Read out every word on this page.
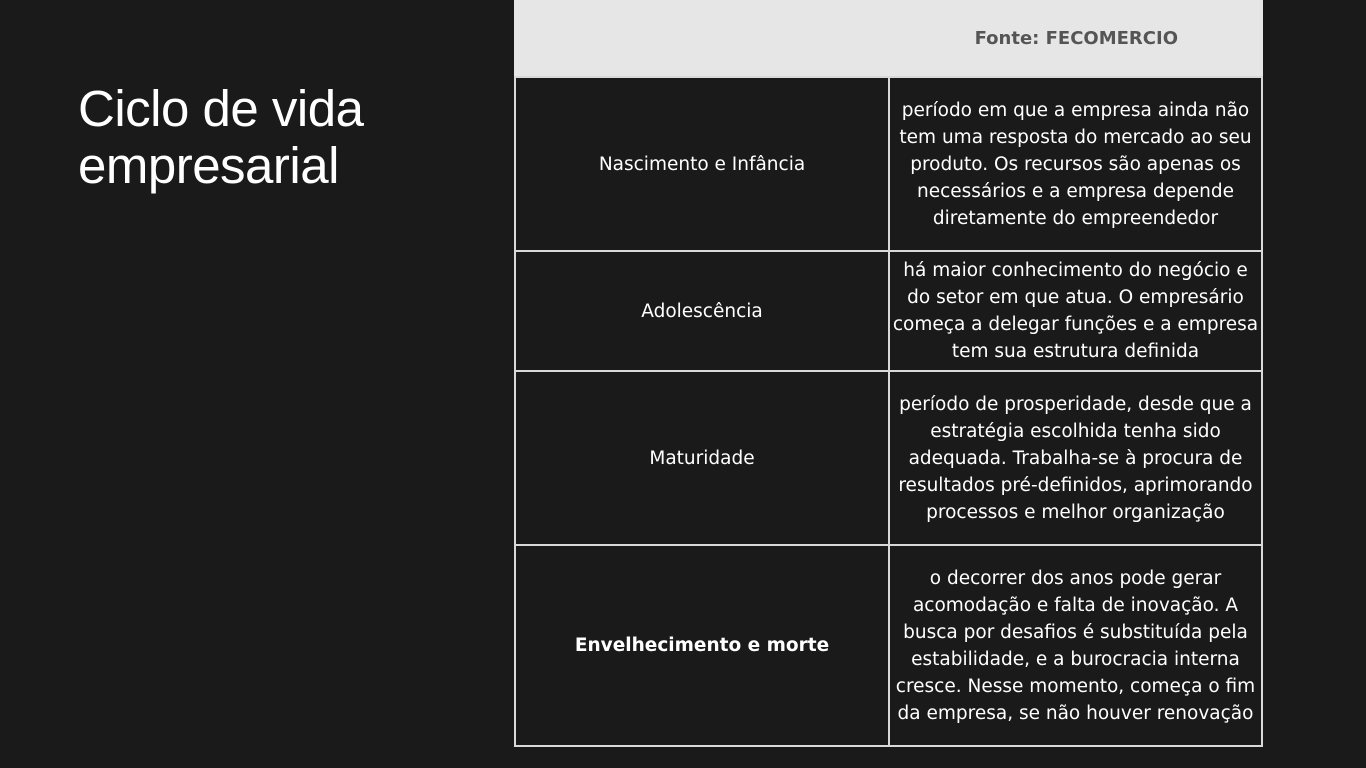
Ciclo de vida empresarial
Fonte: FECOMERCIO
Nascimento e Infância	período em que a empresa ainda não tem uma resposta do mercado ao seu produto. Os recursos são apenas os necessários e a empresa depende diretamente do empreendedor
Adolescência	há maior conhecimento do negócio e do setor em que atua. O empresário começa a delegar funções e a empresa tem sua estrutura definida
Maturidade	período de prosperidade, desde que a estratégia escolhida tenha sido adequada. Trabalha-se à procura de resultados pré-definidos, aprimorando processos e melhor organização
Envelhecimento e morte	o decorrer dos anos pode gerar acomodação e falta de inovação. A busca por desafios é substituída pela estabilidade, e a burocracia interna cresce. Nesse momento, começa o fim da empresa, se não houver renovação
